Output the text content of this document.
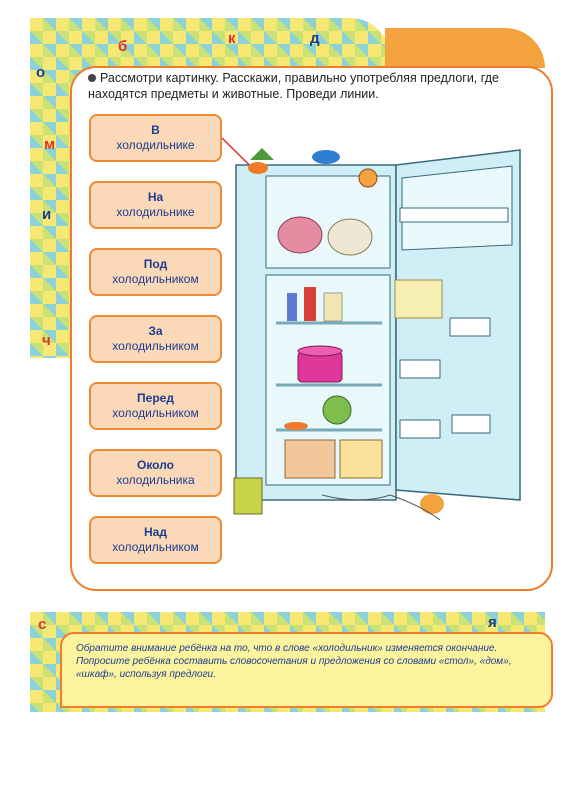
о
б	к	д
м
и
ч
Рассмотри картинку. Расскажи, правильно употребляя предлоги, где находятся предметы и животные. Проведи линии.
В
холодильнике
На
холодильнике
Под
холодильником
За
холодильником
Перед
холодильником
Около
холодильника
Над
холодильником
с	я

Обратите внимание ребёнка на то, что в слове «холодильник» изменяется окончание. Попросите ребёнка составить словосочетания и предложения со словами «стол», «дом», «шкаф», используя предлоги.
